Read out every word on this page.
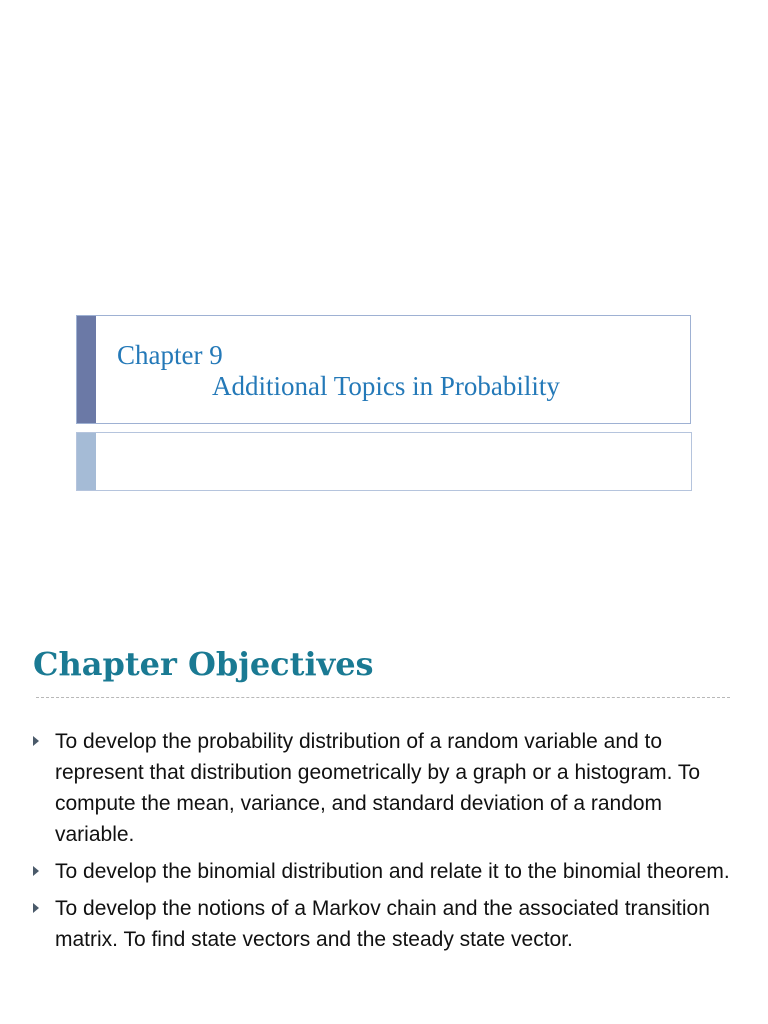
Chapter 9
Additional Topics in Probability
Chapter Objectives
To develop the probability distribution of a random variable and to represent that distribution geometrically by a graph or a histogram. To compute the mean, variance, and standard deviation of a random variable.
To develop the binomial distribution and relate it to the binomial theorem.
To develop the notions of a Markov chain and the associated transition matrix. To find state vectors and the steady state vector.
